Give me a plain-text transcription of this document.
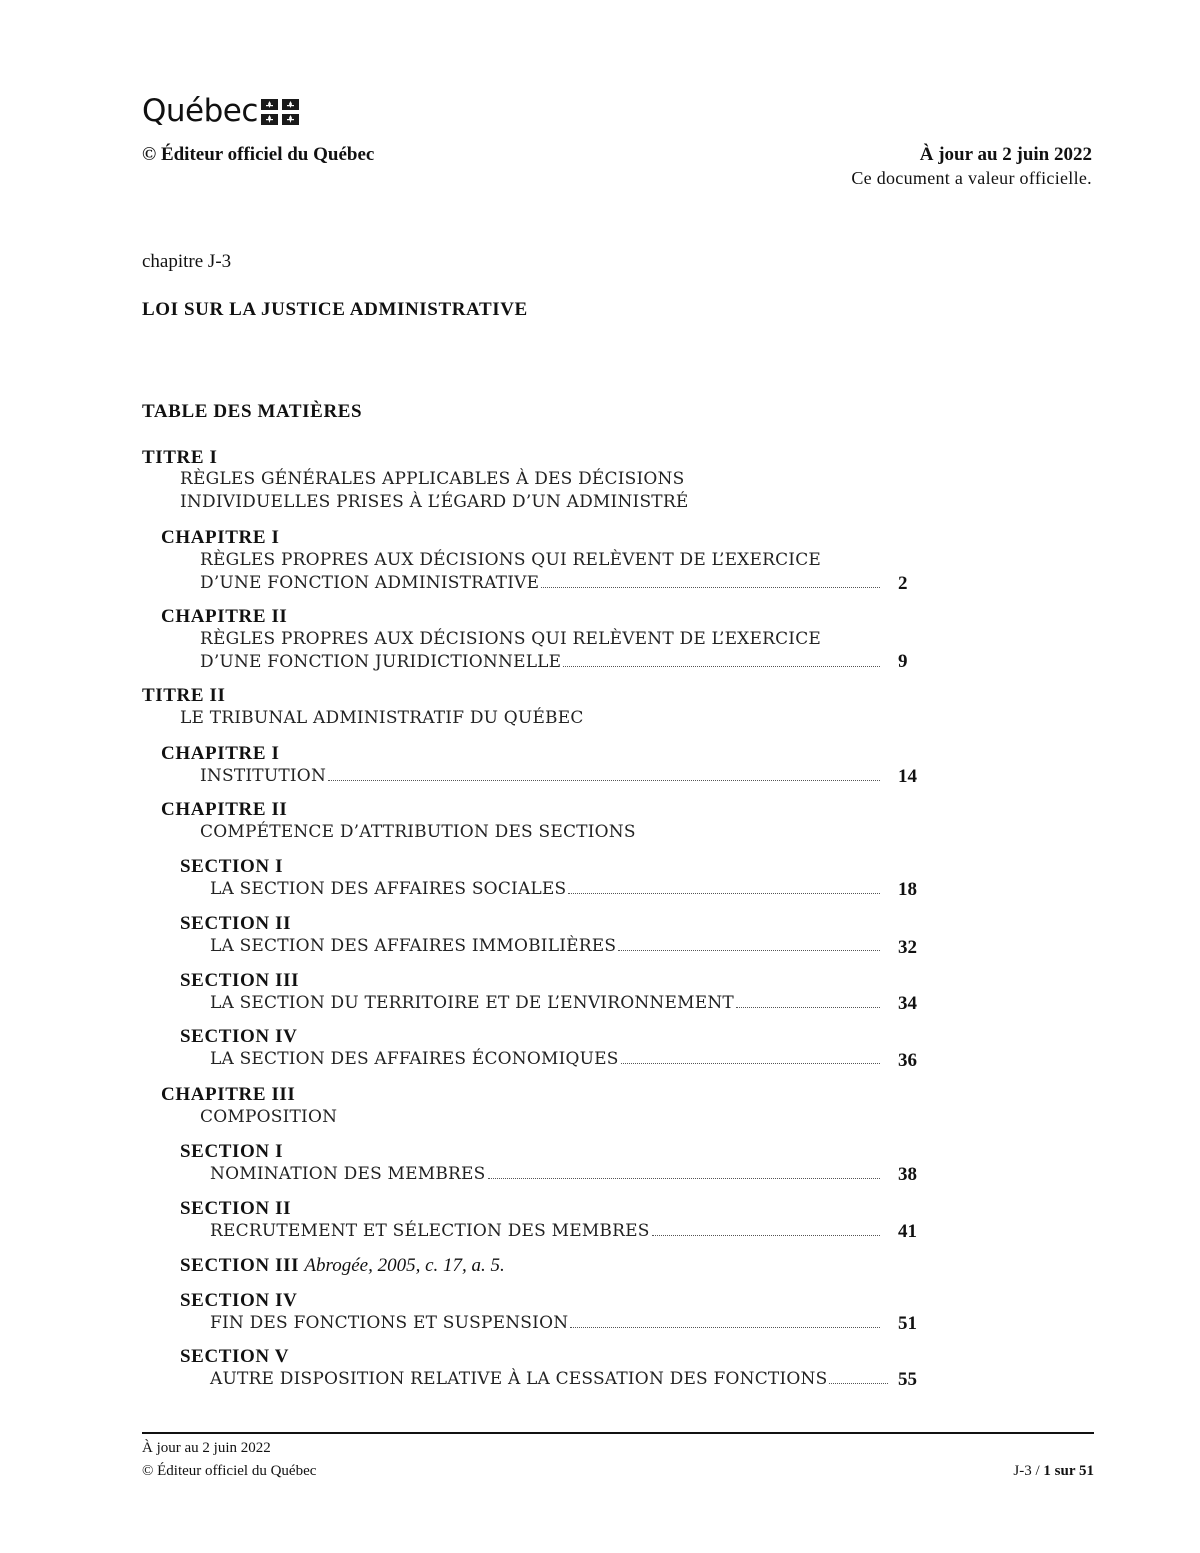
Québec
© Éditeur officiel du Québec	À jour au 2 juin 2022
Ce document a valeur officielle.
chapitre J-3
LOI SUR LA JUSTICE ADMINISTRATIVE
TABLE DES MATIÈRES
TITRE I
RÈGLES GÉNÉRALES APPLICABLES À DES DÉCISIONS
INDIVIDUELLES PRISES À L’ÉGARD D’UN ADMINISTRÉ
CHAPITRE I
RÈGLES PROPRES AUX DÉCISIONS QUI RELÈVENT DE L’EXERCICE
D’UNE FONCTION ADMINISTRATIVE	2
CHAPITRE II
RÈGLES PROPRES AUX DÉCISIONS QUI RELÈVENT DE L’EXERCICE
D’UNE FONCTION JURIDICTIONNELLE	9
TITRE II
LE TRIBUNAL ADMINISTRATIF DU QUÉBEC
CHAPITRE I
INSTITUTION	14
CHAPITRE II
COMPÉTENCE D’ATTRIBUTION DES SECTIONS
SECTION I
LA SECTION DES AFFAIRES SOCIALES	18
SECTION II
LA SECTION DES AFFAIRES IMMOBILIÈRES	32
SECTION III
LA SECTION DU TERRITOIRE ET DE L’ENVIRONNEMENT	34
SECTION IV
LA SECTION DES AFFAIRES ÉCONOMIQUES	36
CHAPITRE III
COMPOSITION
SECTION I
NOMINATION DES MEMBRES	38
SECTION II
RECRUTEMENT ET SÉLECTION DES MEMBRES	41
SECTION III Abrogée, 2005, c. 17, a. 5.
SECTION IV
FIN DES FONCTIONS ET SUSPENSION	51
SECTION V
AUTRE DISPOSITION RELATIVE À LA CESSATION DES FONCTIONS	55
À jour au 2 juin 2022
© Éditeur officiel du Québec	J-3 / 1 sur 51
